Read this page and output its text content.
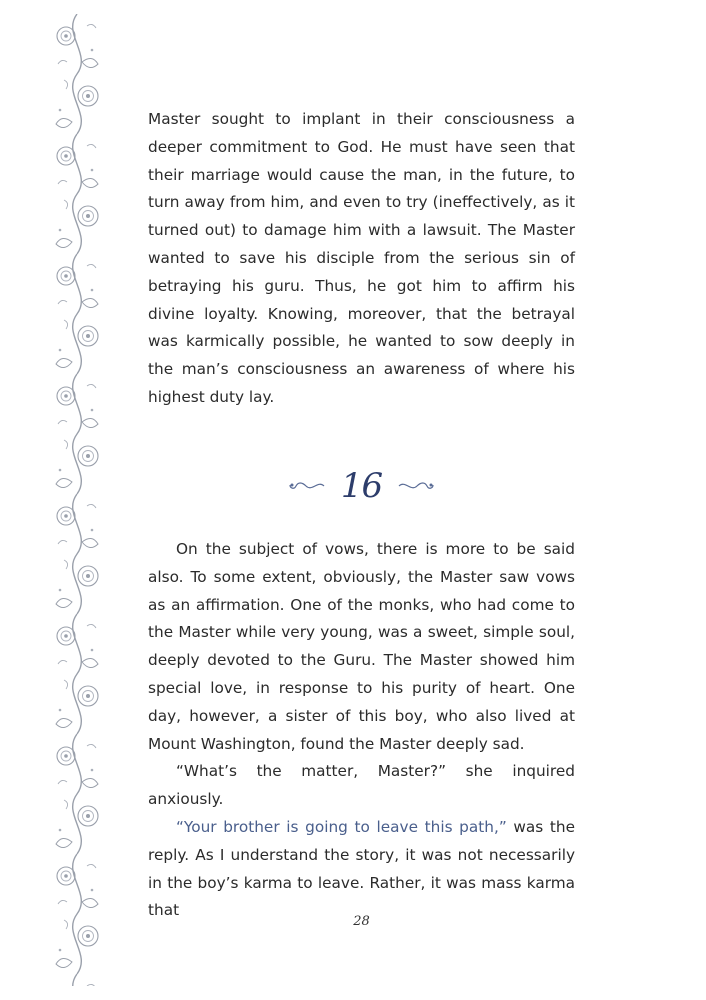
Master sought to implant in their consciousness a deeper commitment to God. He must have seen that their marriage would cause the man, in the future, to turn away from him, and even to try (ineffectively, as it turned out) to damage him with a lawsuit. The Master wanted to save his disciple from the serious sin of betraying his guru. Thus, he got him to affirm his divine loyalty. Knowing, moreover, that the betrayal was karmically possible, he wanted to sow deeply in the man’s consciousness an awareness of where his highest duty lay.

16

On the subject of vows, there is more to be said also. To some extent, obviously, the Master saw vows as an affirmation. One of the monks, who had come to the Master while very young, was a sweet, simple soul, deeply devoted to the Guru. The Master showed him special love, in response to his purity of heart. One day, however, a sister of this boy, who also lived at Mount Washington, found the Master deeply sad.

“What’s the matter, Master?” she inquired anxiously.

“Your brother is going to leave this path,” was the reply. As I understand the story, it was not necessarily in the boy’s karma to leave. Rather, it was mass karma that

28
